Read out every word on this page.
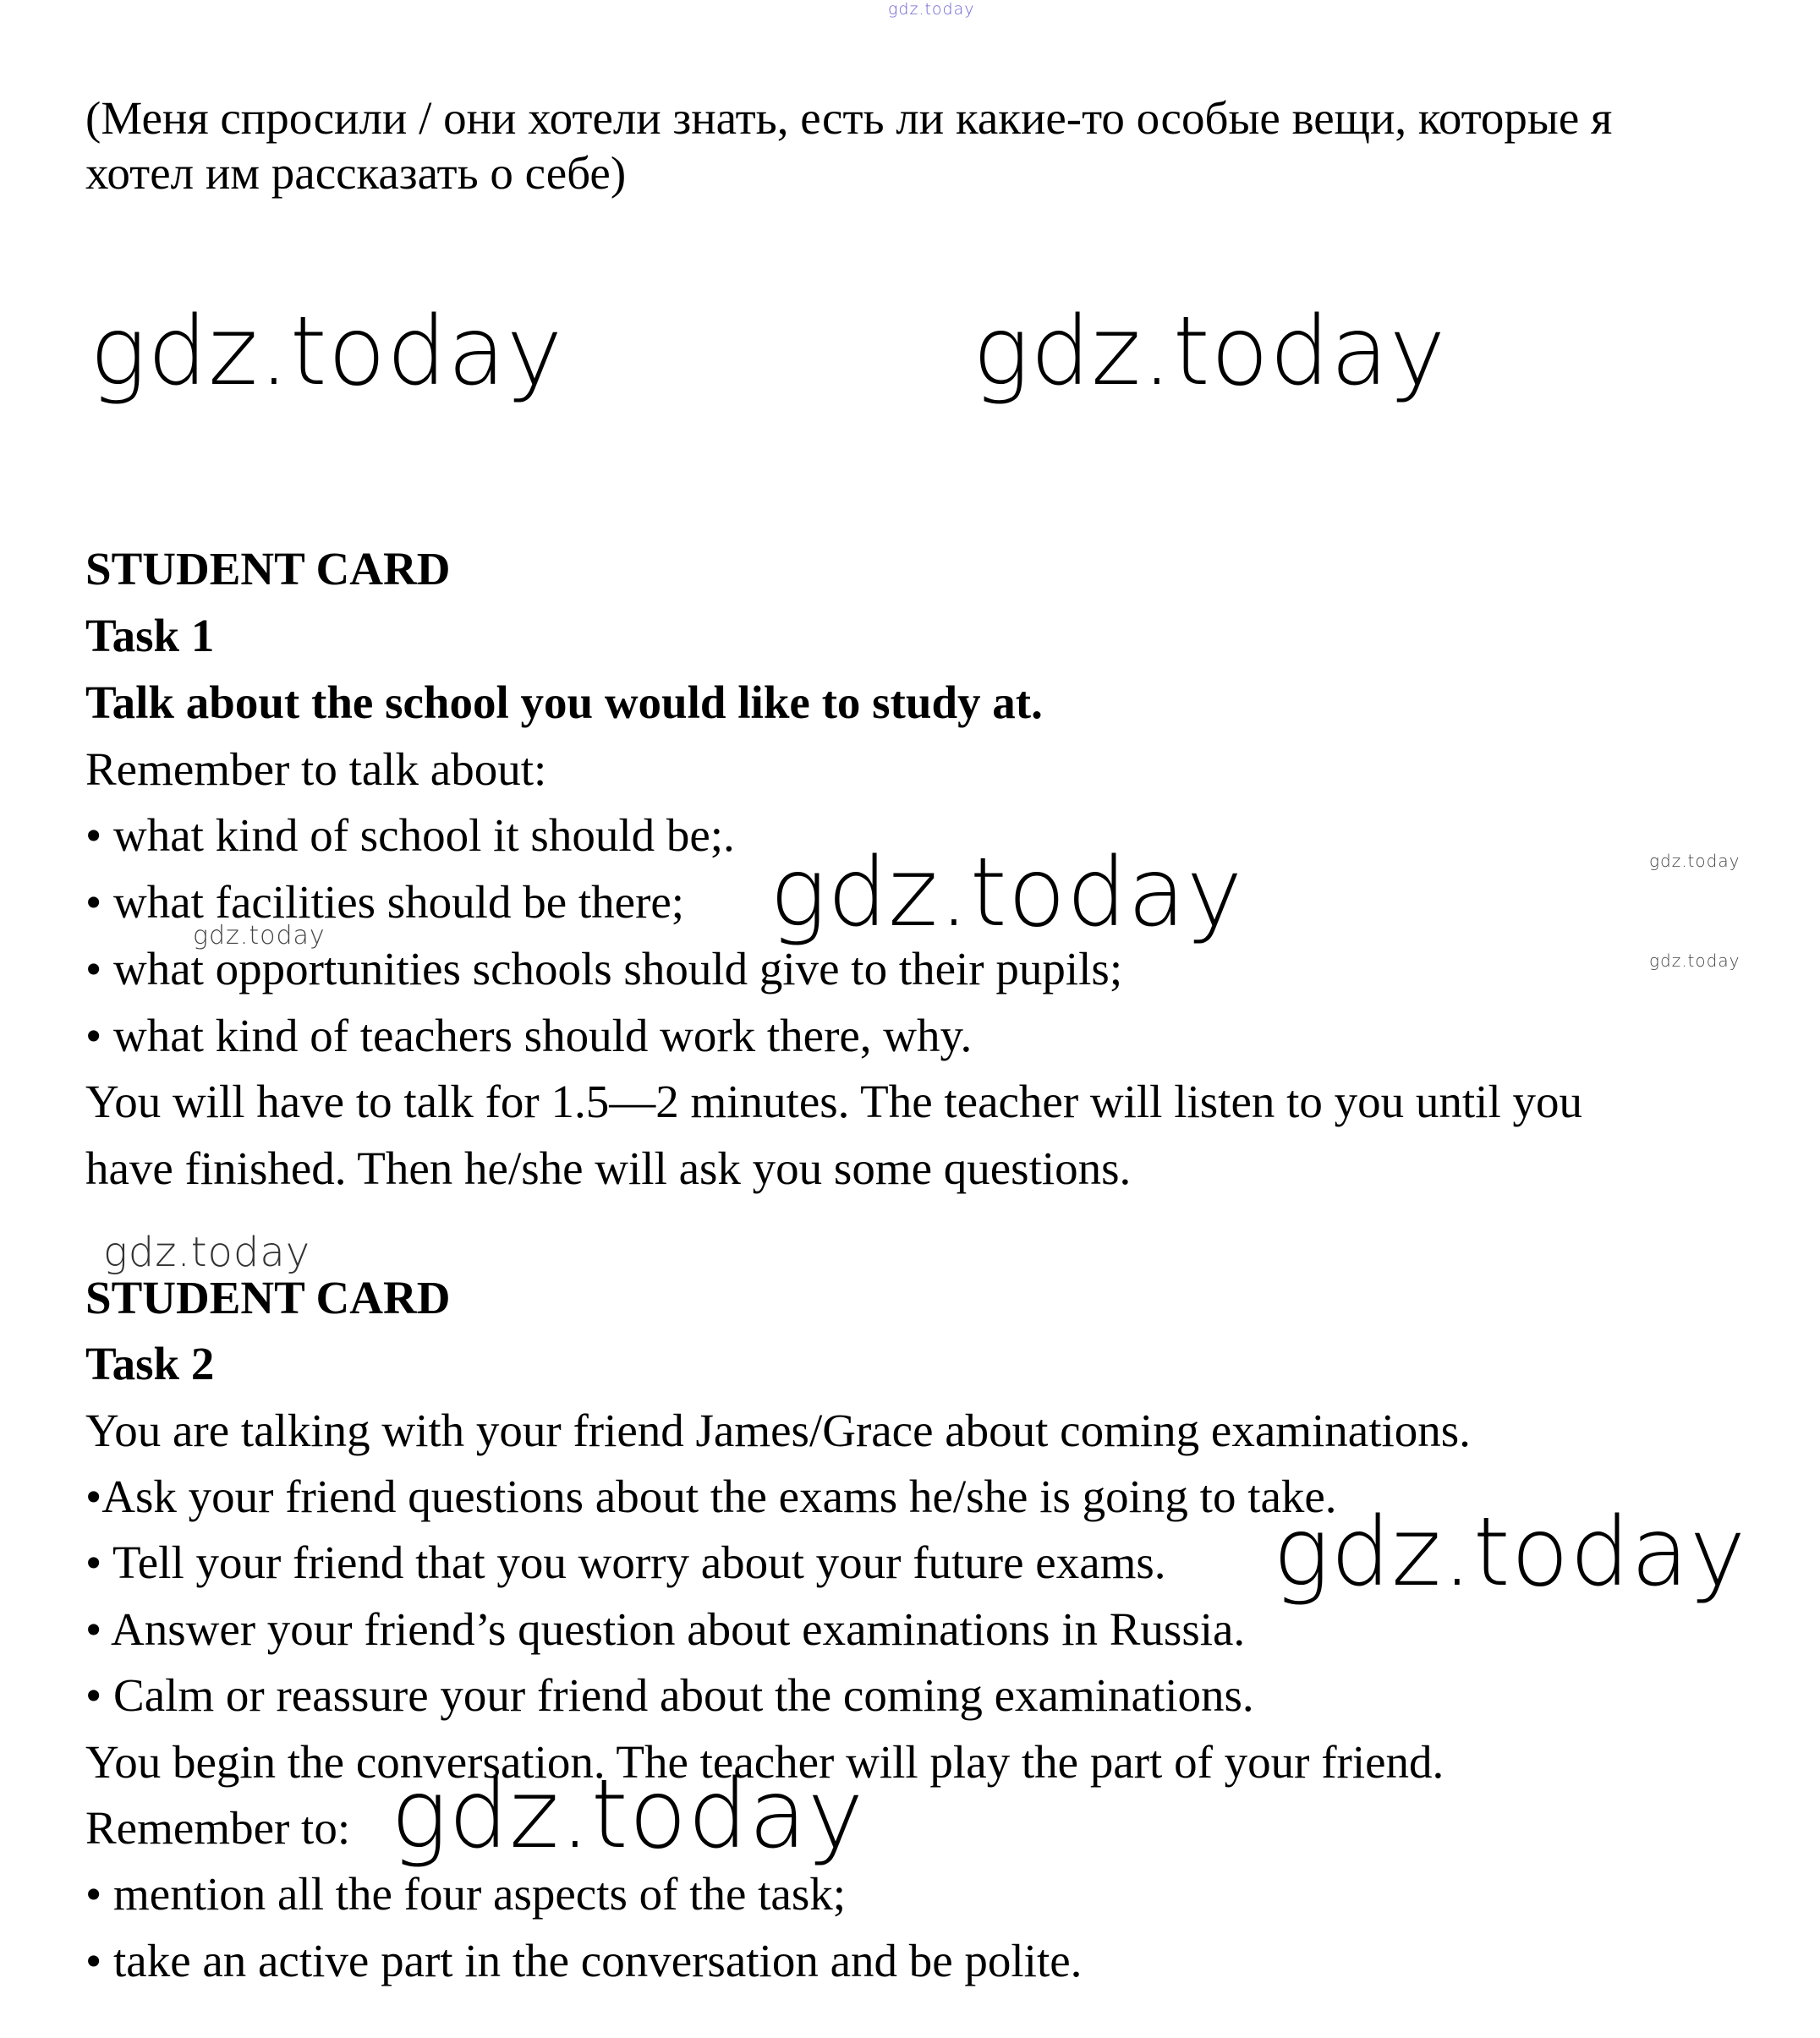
gdz.today
(Меня спросили / они хотели знать, есть ли какие-то особые вещи, которые я
хотел им рассказать о себе)
gdz.today	gdz.today
STUDENT CARD
Task 1
Talk about the school you would like to study at.
Remember to talk about:
• what kind of school it should be;.
• what facilities should be there;
• what opportunities schools should give to their pupils;
• what kind of teachers should work there, why.
You will have to talk for 1.5—2 minutes. The teacher will listen to you until you
have finished. Then he/she will ask you some questions.
gdz.today
gdz.today
gdz.today
gdz.today
gdz.today
STUDENT CARD
Task 2
You are talking with your friend James/Grace about coming examinations.
•Ask your friend questions about the exams he/she is going to take.
• Tell your friend that you worry about your future exams.
• Answer your friend’s question about examinations in Russia.
• Calm or reassure your friend about the coming examinations.
You begin the conversation. The teacher will play the part of your friend.
Remember to:
• mention all the four aspects of the task;
• take an active part in the conversation and be polite.
gdz.today
gdz.today
